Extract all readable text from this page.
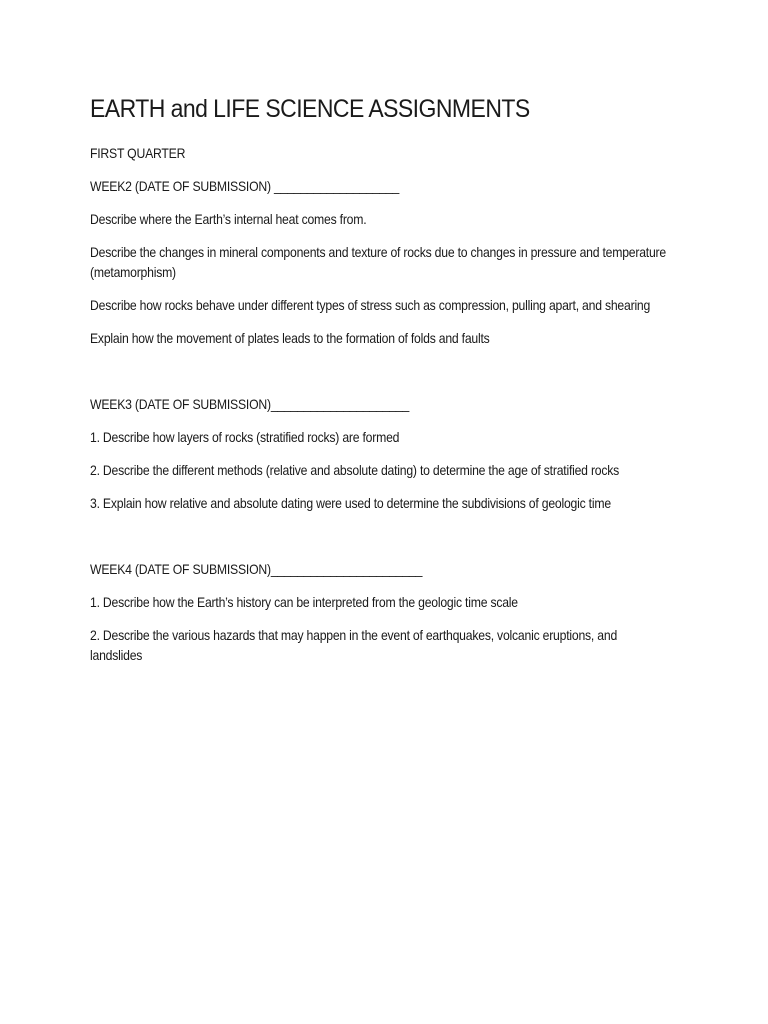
EARTH and LIFE SCIENCE ASSIGNMENTS

FIRST QUARTER

WEEK2 (DATE OF SUBMISSION) ___________________

Describe where the Earth’s internal heat comes from.

Describe the changes in mineral components and texture of rocks due to changes in pressure and temperature (metamorphism)

Describe how rocks behave under different types of stress such as compression, pulling apart, and shearing

Explain how the movement of plates leads to the formation of folds and faults

WEEK3 (DATE OF SUBMISSION)_____________________

1. Describe how layers of rocks (stratified rocks) are formed

2. Describe the different methods (relative and absolute dating) to determine the age of stratified rocks

3. Explain how relative and absolute dating were used to determine the subdivisions of geologic time

WEEK4 (DATE OF SUBMISSION)_______________________

1. Describe how the Earth’s history can be interpreted from the geologic time scale

2. Describe the various hazards that may happen in the event of earthquakes, volcanic eruptions, and landslides
